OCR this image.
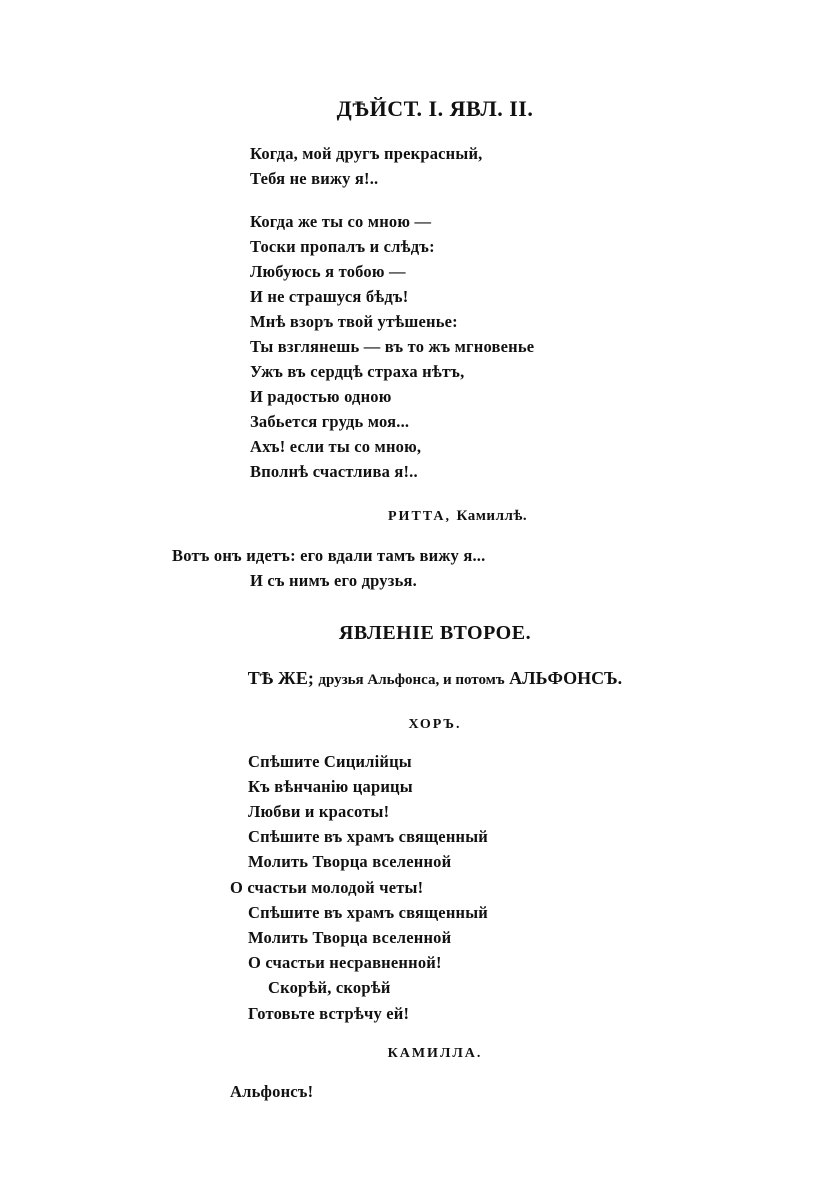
ДѢЙСТ. I. ЯВЛ. II.
Когда, мой другъ прекрасный,
Тебя не вижу я!..
Когда же ты со мною —
Тоски пропалъ и слѣдъ:
Любуюсь я тобою —
И не страшуся бѣдъ!
Мнѣ взоръ твой утѣшенье:
Ты взглянешь — въ то жъ мгновенье
Ужъ въ сердцѣ страха нѣтъ,
И радостью одною
Забьется грудь моя...
Ахъ! если ты со мною,
Вполнѣ счастлива я!..
РИТТА, Камиллѣ.
Вотъ онъ идетъ: его вдали тамъ вижу я...
И съ нимъ его друзья.
ЯВЛЕНІЕ ВТОРОЕ.
ТѢ ЖЕ; друзья Альфонса, и потомъ АЛЬФОНСЪ.
ХОРЪ.
Спѣшите Сицилійцы
Къ вѣнчанію царицы
Любви и красоты!
Спѣшите въ храмъ священный
Молить Творца вселенной
О счастьи молодой четы!
Спѣшите въ храмъ священный
Молить Творца вселенной
О счастьи несравненной!
Скорѣй, скорѣй
Готовьте встрѣчу ей!
КАМИЛЛА.
Альфонсъ!
